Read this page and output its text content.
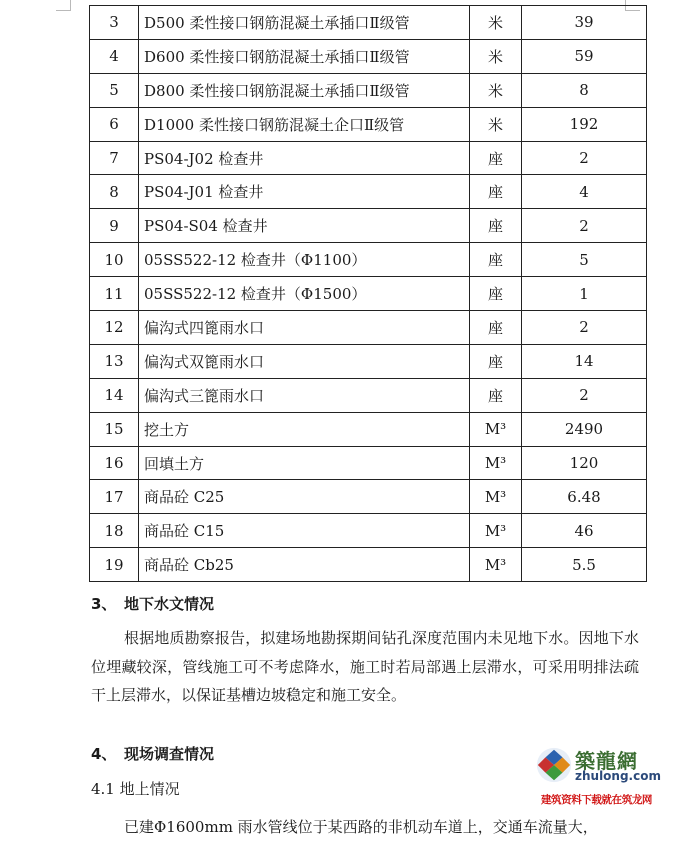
3	D500 柔性接口钢筋混凝土承插口Ⅱ级管	米	39
4	D600 柔性接口钢筋混凝土承插口Ⅱ级管	米	59
5	D800 柔性接口钢筋混凝土承插口Ⅱ级管	米	8
6	D1000 柔性接口钢筋混凝土企口Ⅱ级管	米	192
7	PS04-J02 检查井	座	2
8	PS04-J01 检查井	座	4
9	PS04-S04 检查井	座	2
10	05SS522-12 检查井（Φ1100）	座	5
11	05SS522-12 检查井（Φ1500）	座	1
12	偏沟式四篦雨水口	座	2
13	偏沟式双篦雨水口	座	14
14	偏沟式三篦雨水口	座	2
15	挖土方	M³	2490
16	回填土方	M³	120
17	商品砼 C25	M³	6.48
18	商品砼 C15	M³	46
19	商品砼 Cb25	M³	5.5
3、 地下水文情况
根据地质勘察报告，拟建场地勘探期间钻孔深度范围内未见地下水。因地下水位埋藏较深，管线施工可不考虑降水，施工时若局部遇上层滞水，可采用明排法疏干上层滞水，以保证基槽边坡稳定和施工安全。
4、 现场调查情况
4.1 地上情况
已建Φ1600mm 雨水管线位于某西路的非机动车道上，交通车流量大，
築龍網
zhulong.com
建筑资料下载就在筑龙网
